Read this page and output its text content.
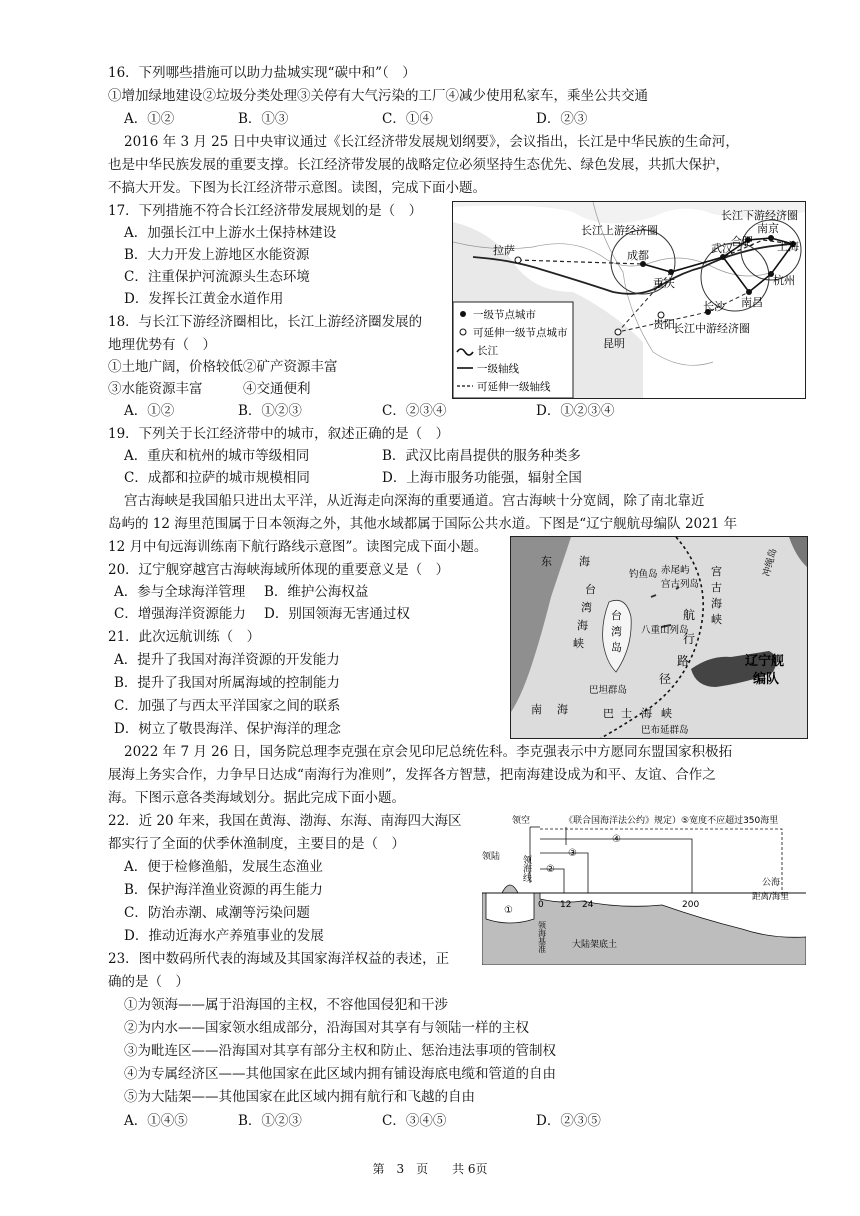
16．下列哪些措施可以助力盐城实现“碳中和”（　）
①增加绿地建设②垃圾分类处理③关停有大气污染的工厂④减少使用私家车，乘坐公共交通
A．①②	B．①③	C．①④	D．②③
2016 年 3 月 25 日中央审议通过《长江经济带发展规划纲要》，会议指出，长江是中华民族的生命河，
也是中华民族发展的重要支撑。长江经济带发展的战略定位必须坚持生态优先、绿色发展，共抓大保护，
不搞大开发。下图为长江经济带示意图。读图，完成下面小题。
17．下列措施不符合长江经济带发展规划的是（　）
A．加强长江中上游水土保持林建设
B．大力开发上游地区水能资源
C．注重保护河流源头生态环境
D．发挥长江黄金水道作用
18．与长江下游经济圈相比，长江上游经济圈发展的
地理优势有（　）
①土地广阔，价格较低②矿产资源丰富
③水能资源丰富　　　④交通便利
A．①②	B．①②③	C．②③④	D．①②③④
长江上游经济圈
长江下游经济圈
长江中游经济圈
拉萨	成都
重庆
武汉
合肥
南京
上海
杭州
长沙 南昌
贵阳
昆明
一级节点城市
可延伸一级节点城市
长江
一级轴线
可延伸一级轴线
19．下列关于长江经济带中的城市，叙述正确的是（　）
A．重庆和杭州的城市等级相同	B．武汉比南昌提供的服务种类多
C．成都和拉萨的城市规模相同	D．上海市服务功能强，辐射全国
宫古海峡是我国船只进出太平洋，从近海走向深海的重要通道。宫古海峡十分宽阔，除了南北靠近
岛屿的 12 海里范围属于日本领海之外，其他水域都属于国际公共水道。下图是“辽宁舰航母编队 2021 年
12 月中旬远海训练南下航行路线示意图”。读图完成下面小题。
20．辽宁舰穿越宫古海峡海域所体现的重要意义是（　）
A．参与全球海洋管理 B．维护公海权益
C．增强海洋资源能力 D．别国领海无害通过权
21．此次远航训练（　）
A．提升了我国对海洋资源的开发能力
B．提升了我国对所属海域的控制能力
C．加强了与西太平洋国家之间的联系
D．树立了敬畏海洋、保护海洋的理念
东 海
钓鱼岛 赤尾屿
宫古列岛
八重山列岛
冲绳岛
台
湾
岛
台
湾
海
峡
宫
古
海
峡
航
行
路
径
巴坦群岛
巴布延群岛
南 海	巴 士 海 峡
辽宁舰
编队
2022 年 7 月 26 日，国务院总理李克强在京会见印尼总统佐科。李克强表示中方愿同东盟国家积极拓
展海上务实合作，力争早日达成“南海行为准则”，发挥各方智慧，把南海建设成为和平、友谊、合作之
海。下图示意各类海域划分。据此完成下面小题。
22．近 20 年来，我国在黄海、渤海、东海、南海四大海区
都实行了全面的伏季休渔制度，主要目的是（　）
A．便于检修渔船，发展生态渔业
B．保护海洋渔业资源的再生能力
C．防治赤潮、咸潮等污染问题
D．推动近海水产养殖事业的发展
领空	《联合国海洋法公约》规定）⑤宽度不应超过350海里
④
③
②
领陆 领海线
①	0 12 24	200
公海
距离/海里
领海基准	大陆架底土
23．图中数码所代表的海域及其国家海洋权益的表述，正
确的是（　）
①为领海——属于沿海国的主权，不容他国侵犯和干涉
②为内水——国家领水组成部分，沿海国对其享有与领陆一样的主权
③为毗连区——沿海国对其享有部分主权和防止、惩治违法事项的管制权
④为专属经济区——其他国家在此区域内拥有铺设海底电缆和管道的自由
⑤为大陆架——其他国家在此区域内拥有航行和飞越的自由
A．①④⑤	B．①②③	C．③④⑤	D．②③⑤
第　3　页　　共 6页
